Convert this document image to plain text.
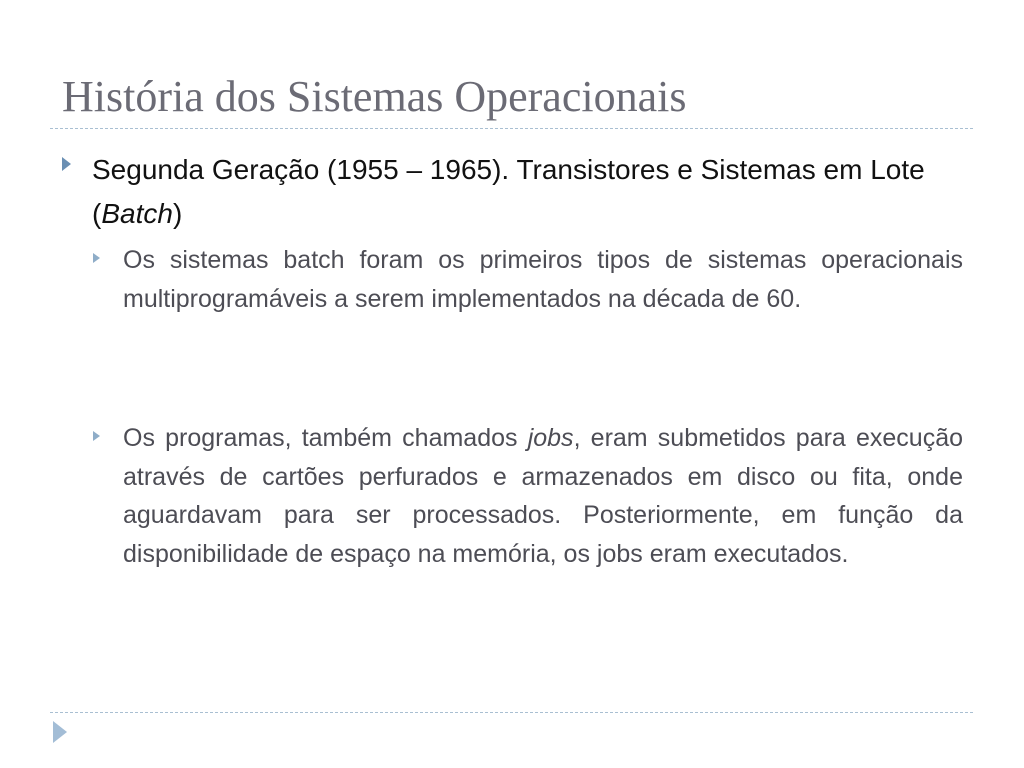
História dos Sistemas Operacionais

Segunda Geração (1955 – 1965). Transistores e Sistemas em Lote (Batch)

Os sistemas batch foram os primeiros tipos de sistemas operacionais multiprogramáveis a serem implementados na década de 60.

Os programas, também chamados jobs, eram submetidos para execução através de cartões perfurados e armazenados em disco ou fita, onde aguardavam para ser processados. Posteriormente, em função da disponibilidade de espaço na memória, os jobs eram executados.
